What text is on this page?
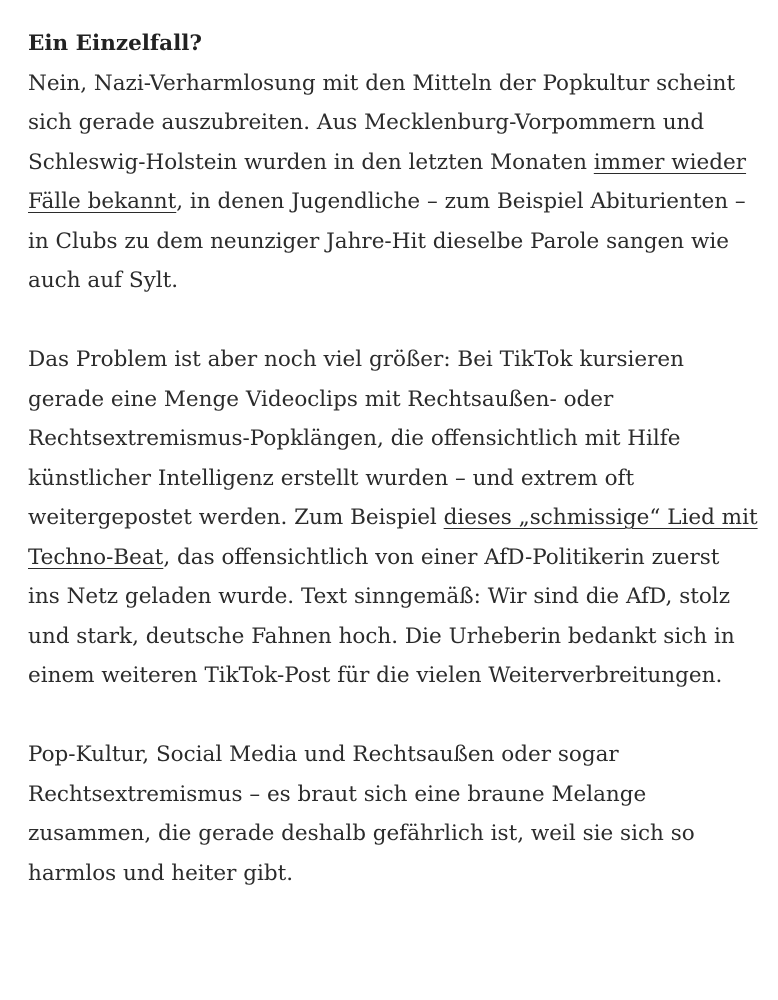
Ein Einzelfall?
Nein, Nazi-Verharmlosung mit den Mitteln der Popkultur scheint sich gerade auszubreiten. Aus Mecklenburg-Vorpommern und Schleswig-Holstein wurden in den letzten Monaten immer wieder Fälle bekannt, in denen Jugendliche – zum Beispiel Abiturienten – in Clubs zu dem neunziger Jahre-Hit dieselbe Parole sangen wie auch auf Sylt.
Das Problem ist aber noch viel größer: Bei TikTok kursieren gerade eine Menge Videoclips mit Rechtsaußen- oder Rechtsextremismus-Popklängen, die offensichtlich mit Hilfe künstlicher Intelligenz erstellt wurden – und extrem oft weitergepostet werden. Zum Beispiel dieses „schmissige“ Lied mit Techno-Beat, das offensichtlich von einer AfD-Politikerin zuerst ins Netz geladen wurde. Text sinngemäß: Wir sind die AfD, stolz und stark, deutsche Fahnen hoch. Die Urheberin bedankt sich in einem weiteren TikTok-Post für die vielen Weiterverbreitungen.
Pop-Kultur, Social Media und Rechtsaußen oder sogar Rechtsextremismus – es braut sich eine braune Melange zusammen, die gerade deshalb gefährlich ist, weil sie sich so harmlos und heiter gibt.
